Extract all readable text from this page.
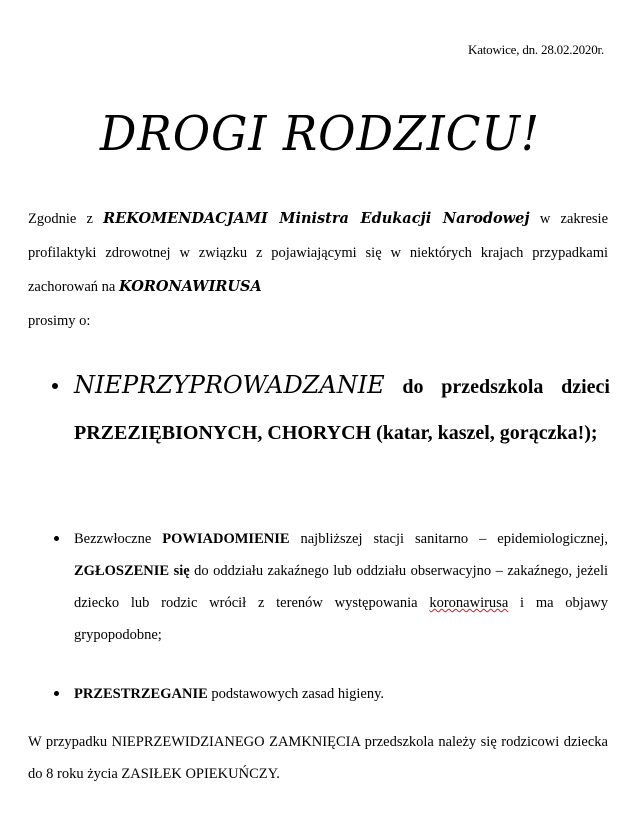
Katowice, dn. 28.02.2020r.
DROGI RODZICU!
Zgodnie z REKOMENDACJAMI Ministra Edukacji Narodowej w zakresie profilaktyki zdrowotnej w związku z pojawiającymi się w niektórych krajach przypadkami zachorowań na KORONAWIRUSA
prosimy o:
NIEPRZYPROWADZANIE do przedszkola dzieci PRZEZIĘBIONYCH, CHORYCH (katar, kaszel, gorączka!);
Bezzwłoczne POWIADOMIENIE najbliższej stacji sanitarno – epidemiologicznej, ZGŁOSZENIE się do oddziału zakaźnego lub oddziału obserwacyjno – zakaźnego, jeżeli dziecko lub rodzic wrócił z terenów występowania koronawirusa i ma objawy grypopodobne;
PRZESTRZEGANIE podstawowych zasad higieny.
W przypadku NIEPRZEWIDZIANEGO ZAMKNIĘCIA przedszkola należy się rodzicowi dziecka do 8 roku życia ZASIŁEK OPIEKUŃCZY.
